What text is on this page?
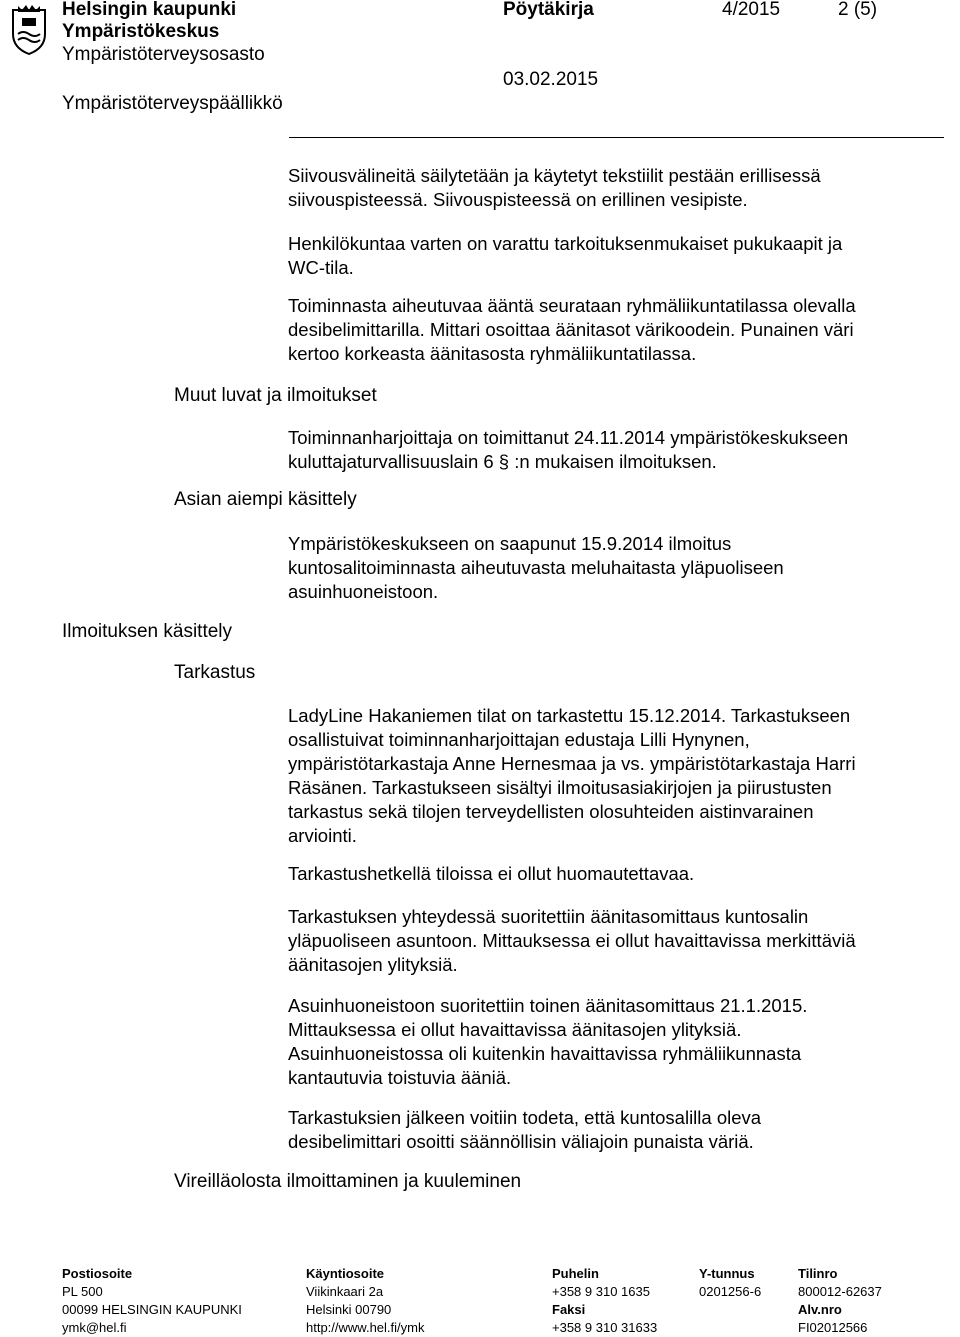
Helsingin kaupunki
Ympäristökeskus
Ympäristöterveysosasto
Ympäristöterveyspäällikkö
Pöytäkirja	4/2015	2 (5)
03.02.2015
Muut luvat ja ilmoitukset
Asian aiempi käsittely
Ilmoituksen käsittely
Tarkastus
Vireilläolosta ilmoittaminen ja kuuleminen
Siivousvälineitä säilytetään ja käytetyt tekstiilit pestään erillisessä
siivouspisteessä. Siivouspisteessä on erillinen vesipiste.
Henkilökuntaa varten on varattu tarkoituksenmukaiset pukukaapit ja
WC-tila.
Toiminnasta aiheutuvaa ääntä seurataan ryhmäliikuntatilassa olevalla
desibelimittarilla. Mittari osoittaa äänitasot värikoodein. Punainen väri
kertoo korkeasta äänitasosta ryhmäliikuntatilassa.
Toiminnanharjoittaja on toimittanut 24.11.2014 ympäristökeskukseen
kuluttajaturvallisuuslain 6 § :n mukaisen ilmoituksen.
Ympäristökeskukseen on saapunut 15.9.2014 ilmoitus
kuntosalitoiminnasta aiheutuvasta meluhaitasta yläpuoliseen
asuinhuoneistoon.
LadyLine Hakaniemen tilat on tarkastettu 15.12.2014. Tarkastukseen
osallistuivat toiminnanharjoittajan edustaja Lilli Hynynen,
ympäristötarkastaja Anne Hernesmaa ja vs. ympäristötarkastaja Harri
Räsänen. Tarkastukseen sisältyi ilmoitusasiakirjojen ja piirustusten
tarkastus sekä tilojen terveydellisten olosuhteiden aistinvarainen
arviointi.
Tarkastushetkellä tiloissa ei ollut huomautettavaa.
Tarkastuksen yhteydessä suoritettiin äänitasomittaus kuntosalin
yläpuoliseen asuntoon. Mittauksessa ei ollut havaittavissa merkittäviä
äänitasojen ylityksiä.
Asuinhuoneistoon suoritettiin toinen äänitasomittaus 21.1.2015.
Mittauksessa ei ollut havaittavissa äänitasojen ylityksiä.
Asuinhuoneistossa oli kuitenkin havaittavissa ryhmäliikunnasta
kantautuvia toistuvia ääniä.
Tarkastuksien jälkeen voitiin todeta, että kuntosalilla oleva
desibelimittari osoitti säännöllisin väliajoin punaista väriä.
Postiosoite
PL 500
00099 HELSINGIN KAUPUNKI
ymk@hel.fi
Käyntiosoite
Viikinkaari 2a
Helsinki 00790
http://www.hel.fi/ymk
Puhelin
+358 9 310 1635
Faksi
+358 9 310 31633
Y-tunnus
0201256-6
Tilinro
800012-62637
Alv.nro
FI02012566
